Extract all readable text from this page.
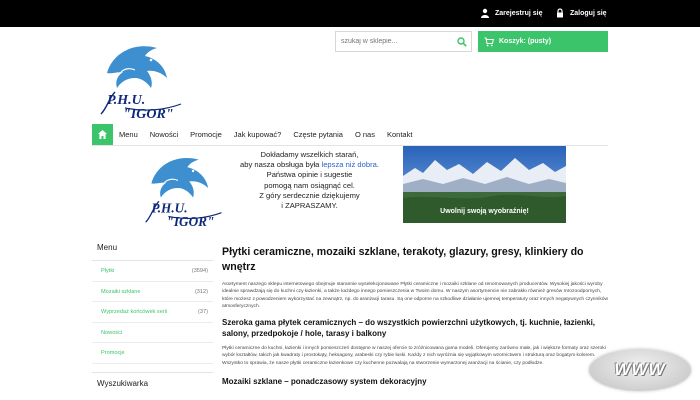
Zarejestruj się	Zaloguj się
P.H.U.
"IGOR"
szukaj w sklepie...
Koszyk: (pusty)
Menu	Nowości	Promocje	Jak kupować?	Częste pytania	O nas	Kontakt
P.H.U.
"IGOR"
Dokładamy wszelkich starań,
aby nasza obsługa była lepsza niż dobra.
Państwa opinie i sugestie
pomogą nam osiągnąć cel.
Z góry serdecznie dziękujemy
i ZAPRASZAMY.
Uwolnij swoją wyobraźnię!
Menu
Płytki	(3594)
Mozaiki szklane	(312)
Wyprzedaż końcówek serii	(37)
Nowości
Promocje
Wyszukiwarka
Płytki ceramiczne, mozaiki szklane, terakoty, glazury, gresy, klinkiery do wnętrz
Asortyment naszego sklepu internetowego obejmuje starannie wyselekcjonowane Płytki ceramiczne i mozaiki szklane od renomowanych producentów. Wysokiej jakości wyroby idealnie sprawdzają się do kuchni czy łazienki, a także każdego innego pomieszczenia w Twoim domu. W naszym asortymencie nie zabrakło również gresów mrozoodpornych, które możesz z powodzeniem wykorzystać na zewnątrz, np. do aranżacji tarasu. Są one odporne na szkodliwe działanie ujemnej temperatury oraz innych negatywnych czynników atmosferycznych.
Szeroka gama płytek ceramicznych – do wszystkich powierzchni użytkowych, tj. kuchnie, łazienki, salony, przedpokoje / hole, tarasy i balkony
Płytki ceramiczne do kuchni, łazienki i innych pomieszczeń dostępne w naszej ofercie to zróżnicowana gama modeli. Oferujemy zarówno małe, jak i większe formaty oraz szeroki wybór kształtów, takich jak kwadraty i prostokąty, heksagony, arabeski czy rybie łuski. Każdy z nich wyróżnia się wyjątkowym wzornictwem i strukturą oraz bogatym kolorem. Wszystko to sprawia, że nasze płytki ceramiczne łazienkowe czy kuchenne pozwalają na stworzenie wymarzonej aranżacji na ścianie, czy podłodze.
Mozaiki szklane – ponadczasowy system dekoracyjny
WWW
